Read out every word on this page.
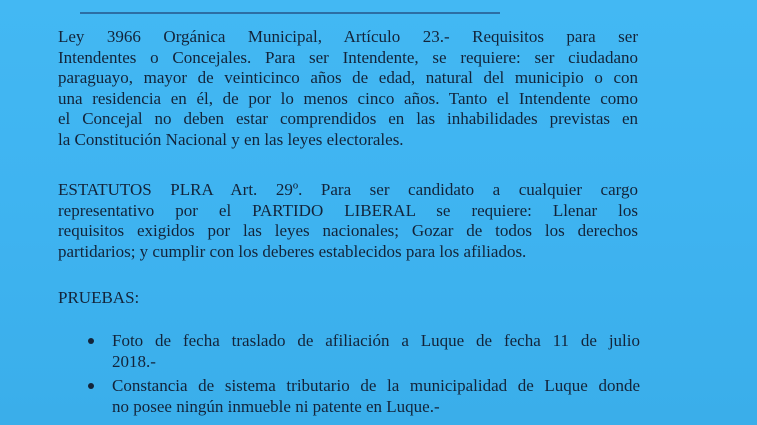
Ley 3966 Orgánica Municipal, Artículo 23.- Requisitos para ser
Intendentes o Concejales. Para ser Intendente, se requiere: ser ciudadano
paraguayo, mayor de veinticinco años de edad, natural del municipio o con
una residencia en él, de por lo menos cinco años. Tanto el Intendente como
el Concejal no deben estar comprendidos en las inhabilidades previstas en
la Constitución Nacional y en las leyes electorales.
ESTATUTOS PLRA Art. 29º. Para ser candidato a cualquier cargo
representativo por el PARTIDO LIBERAL se requiere: Llenar los
requisitos exigidos por las leyes nacionales; Gozar de todos los derechos
partidarios; y cumplir con los deberes establecidos para los afiliados.
PRUEBAS:
Foto de fecha traslado de afiliación a Luque de fecha 11 de julio
2018.-
Constancia de sistema tributario de la municipalidad de Luque donde
no posee ningún inmueble ni patente en Luque.-
